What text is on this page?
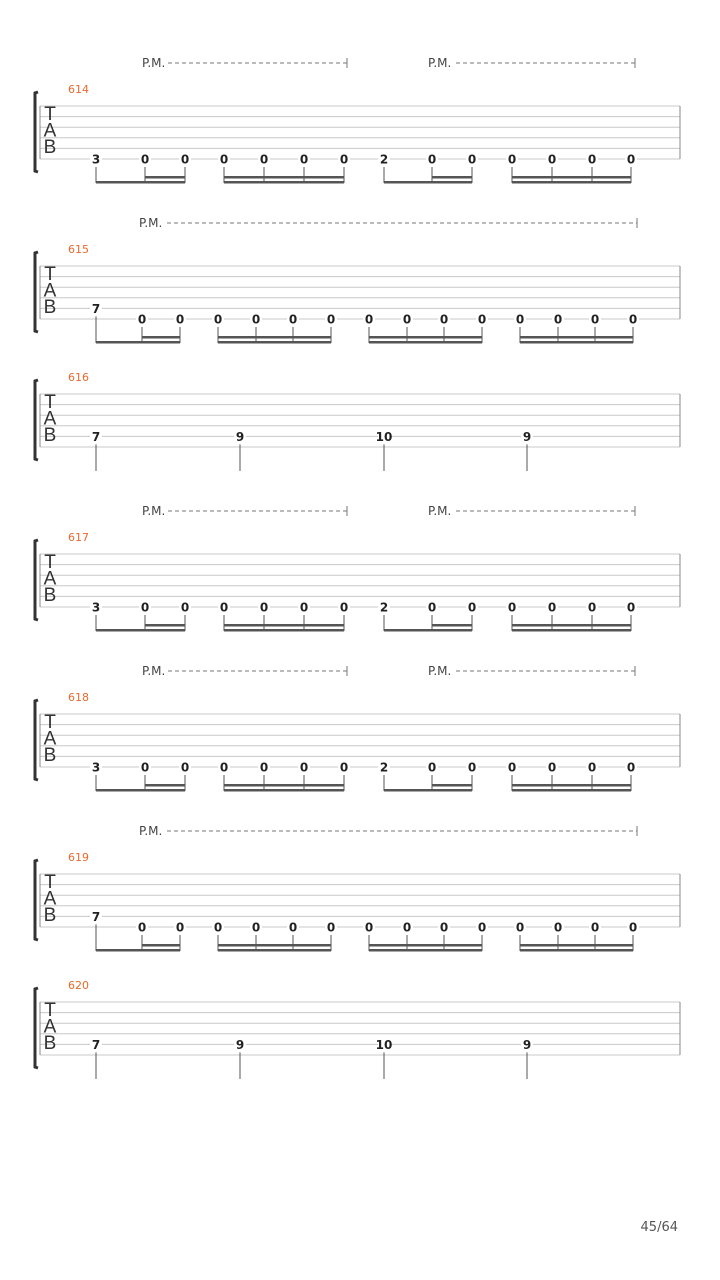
T
A
B
614
P.M.	P.M.
3	0	0	0	0	0	0	2	0	0	0	0	0	0
T
A
B
615
P.M.
7
0 0 0 0 0 0 0 0 0 0 0 0 0 0
T
A
B
616
7	9	10	9
T
A
B
617
P.M.	P.M.
3	0	0	0	0	0	0	2	0	0	0	0	0	0
T
A
B
618
P.M.	P.M.
3	0	0	0	0	0	0	2	0	0	0	0	0	0
T
A
B
619
P.M.
7
0 0 0 0 0 0 0 0 0 0 0 0 0 0
T
A
B
620
7	9	10	9
45/64
